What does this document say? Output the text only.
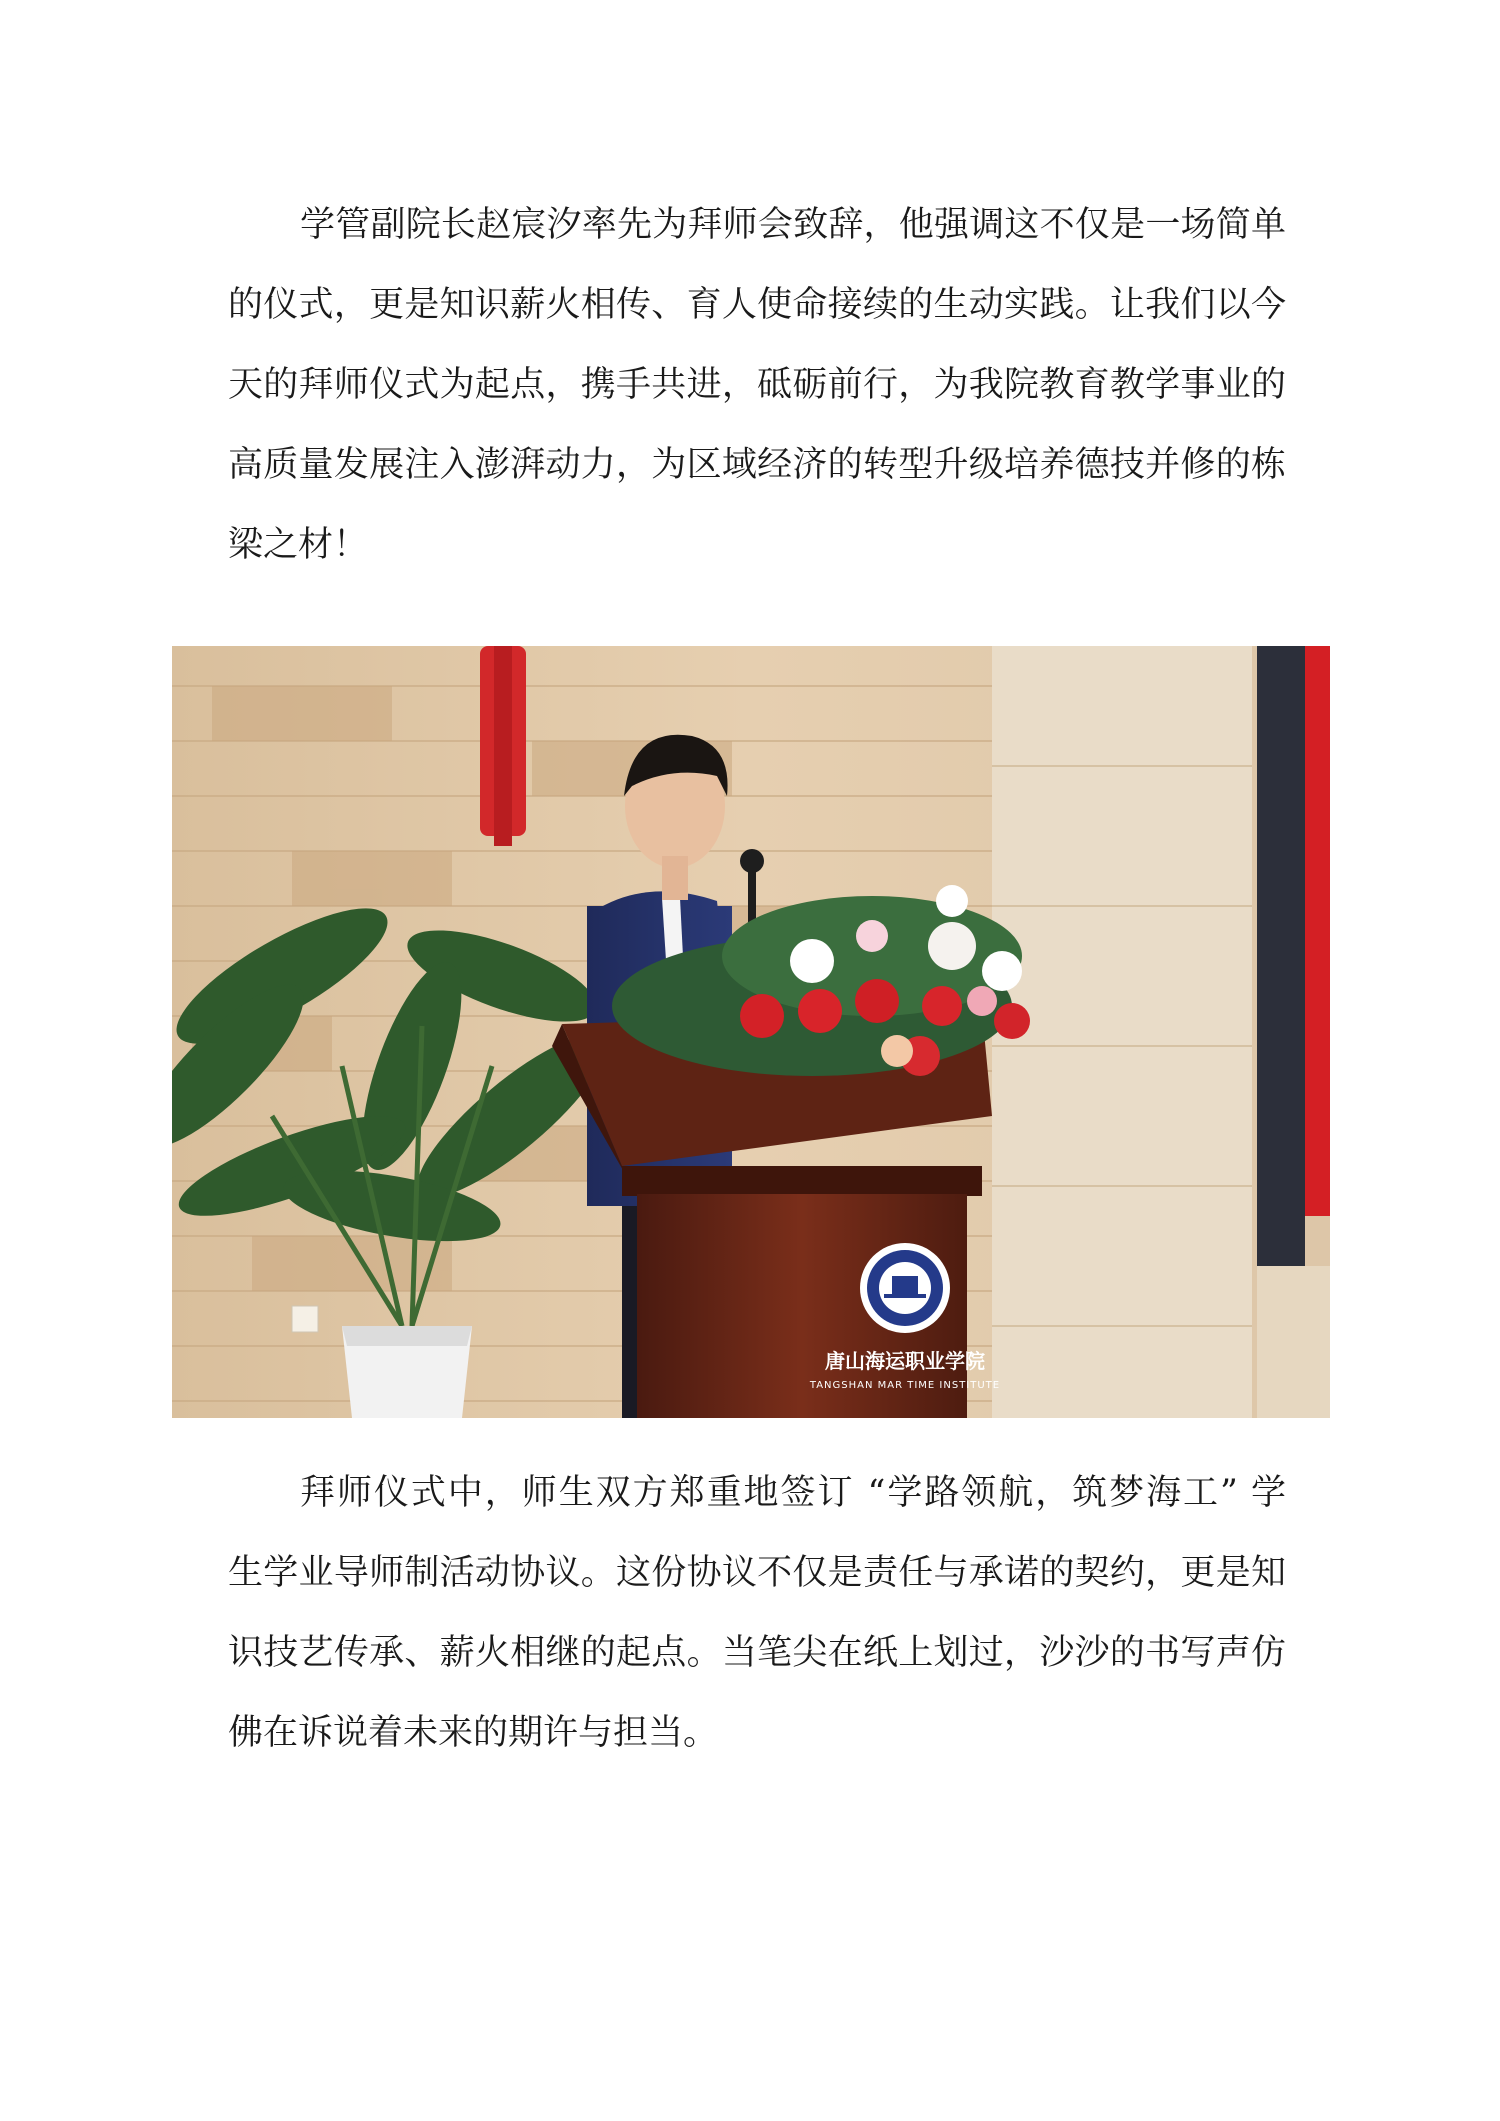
学管副院长赵宸汐率先为拜师会致辞，他强调这不仅是一场简单
的仪式，更是知识薪火相传、育人使命接续的生动实践。让我们以今
天的拜师仪式为起点，携手共进，砥砺前行，为我院教育教学事业的
高质量发展注入澎湃动力，为区域经济的转型升级培养德技并修的栋
梁之材！
唐山海运职业学院
TANGSHAN MAR TIME INSTITUTE
拜师仪式中，师生双方郑重地签订 “学路领航，筑梦海工” 学
生学业导师制活动协议。这份协议不仅是责任与承诺的契约，更是知
识技艺传承、薪火相继的起点。当笔尖在纸上划过，沙沙的书写声仿
佛在诉说着未来的期许与担当。
